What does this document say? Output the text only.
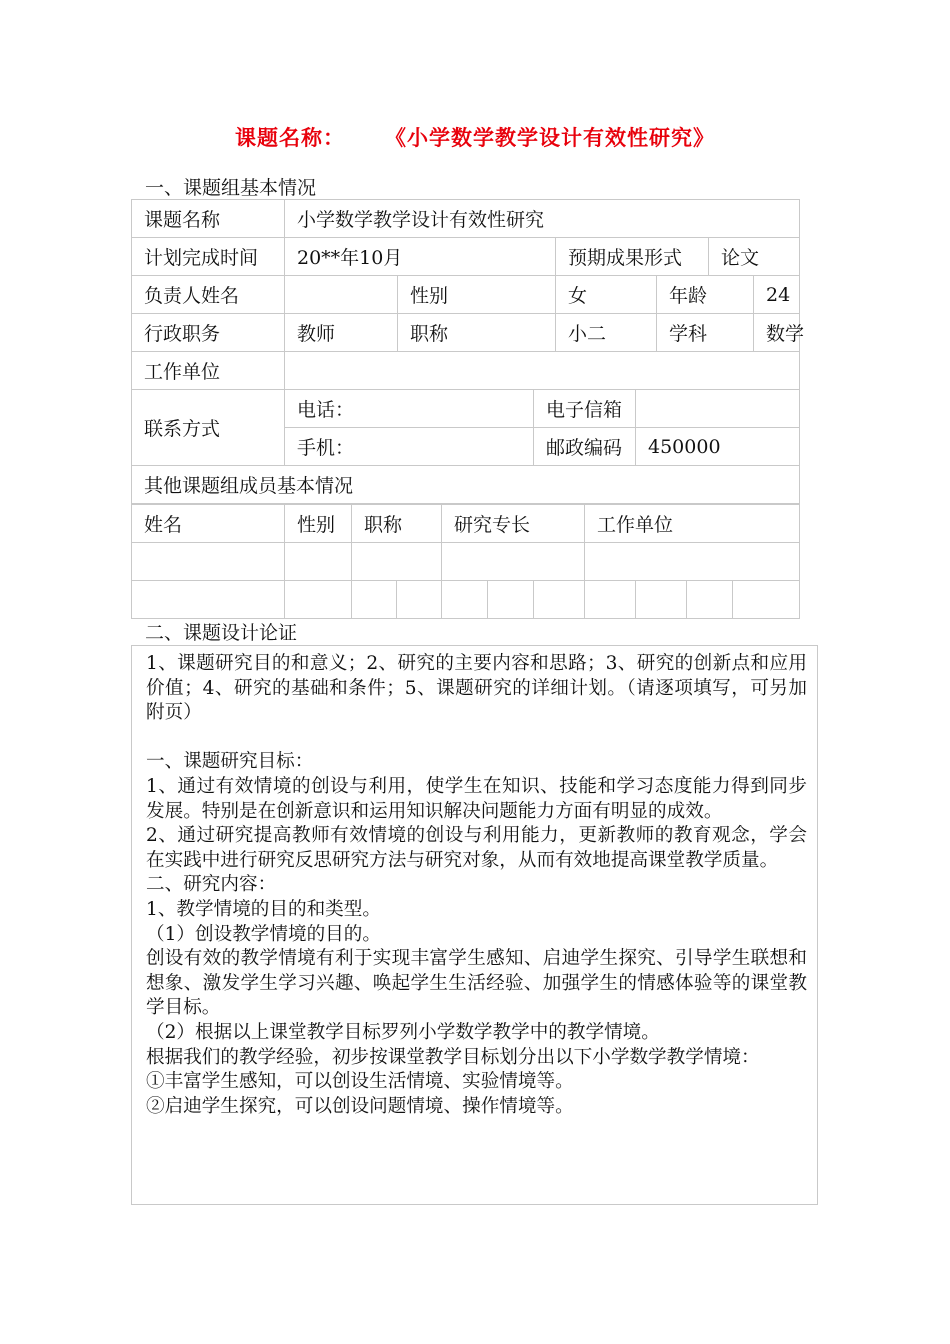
课题名称： 《小学数学教学设计有效性研究》
一、课题组基本情况
课题名称	小学数学教学设计有效性研究							
计划完成时间	20**年10月			预期成果形式			论文	
负责人姓名		性别		女		年龄		24
行政职务	教师	职称		小二		学科		数学
工作单位								
联系方式	电话：		电子信箱					
	手机：		邮政编码		450000			
其他课题组成员基本情况								
姓名	性别	职称		研究专长			工作单位			

二、课题设计论证

1、课题研究目的和意义；2、研究的主要内容和思路；3、研究的创新点和应用价值；4、研究的基础和条件；5、课题研究的详细计划。（请逐项填写，可另加附页）

一、课题研究目标：

1、通过有效情境的创设与利用，使学生在知识、技能和学习态度能力得到同步发展。特别是在创新意识和运用知识解决问题能力方面有明显的成效。

2、通过研究提高教师有效情境的创设与利用能力，更新教师的教育观念，学会在实践中进行研究反思研究方法与研究对象，从而有效地提高课堂教学质量。

二、研究内容：

1、教学情境的目的和类型。

（1）创设教学情境的目的。

创设有效的教学情境有利于实现丰富学生感知、启迪学生探究、引导学生联想和想象、激发学生学习兴趣、唤起学生生活经验、加强学生的情感体验等的课堂教学目标。

（2）根据以上课堂教学目标罗列小学数学教学中的教学情境。

根据我们的教学经验，初步按课堂教学目标划分出以下小学数学教学情境：

①丰富学生感知，可以创设生活情境、实验情境等。

②启迪学生探究，可以创设问题情境、操作情境等。
